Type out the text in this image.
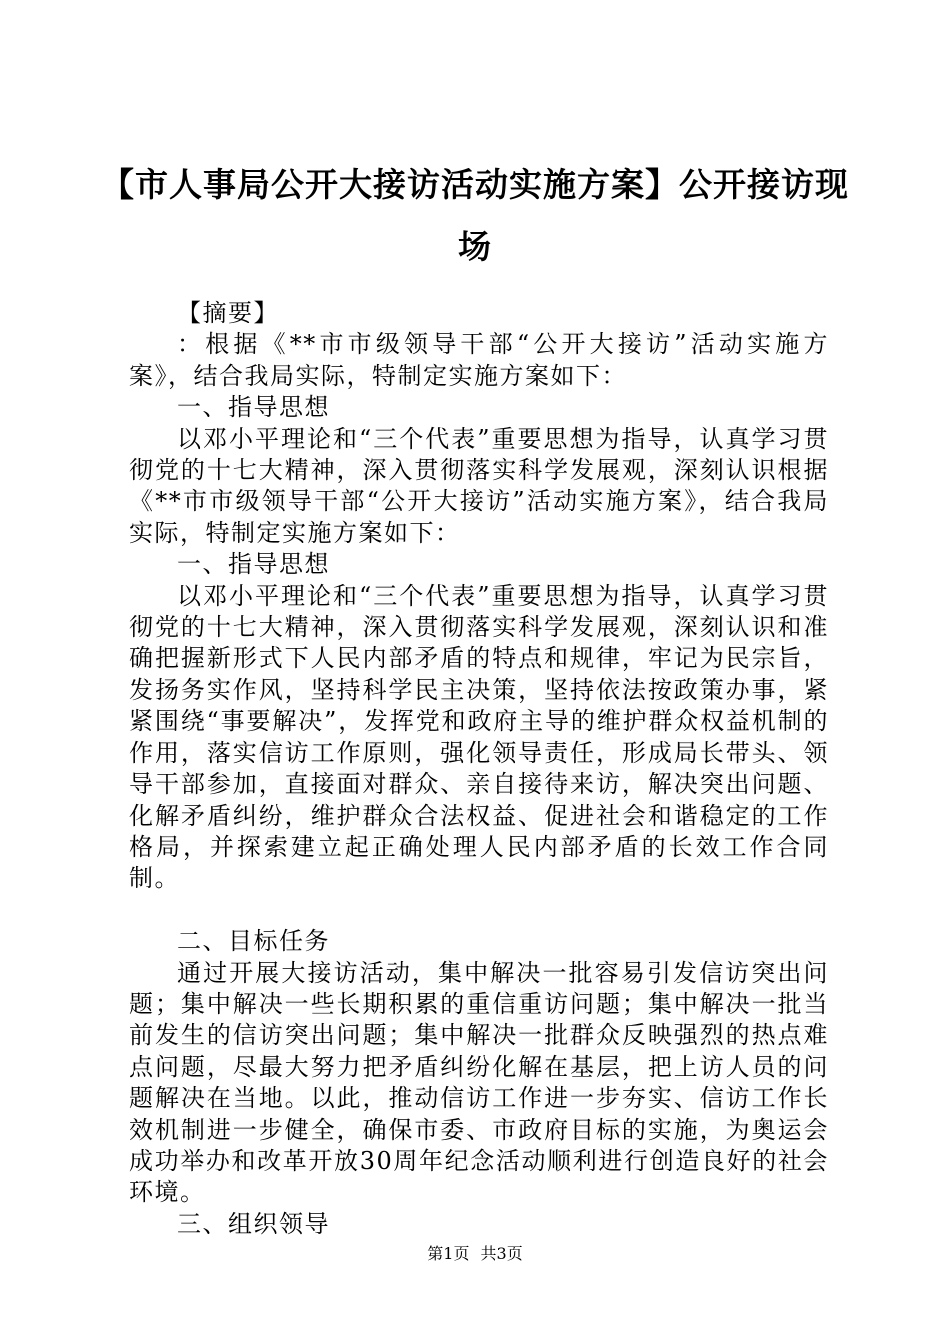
【市人事局公开大接访活动实施方案】公开接访现场

【摘要】

：根据《**市市级领导干部“公开大接访”活动实施方案》，结合我局实际，特制定实施方案如下：

一、指导思想

以邓小平理论和“三个代表”重要思想为指导，认真学习贯彻党的十七大精神，深入贯彻落实科学发展观，深刻认识根据《**市市级领导干部“公开大接访”活动实施方案》，结合我局实际，特制定实施方案如下：

一、指导思想

以邓小平理论和“三个代表”重要思想为指导，认真学习贯彻党的十七大精神，深入贯彻落实科学发展观，深刻认识和准确把握新形式下人民内部矛盾的特点和规律，牢记为民宗旨，发扬务实作风，坚持科学民主决策，坚持依法按政策办事，紧紧围绕“事要解决”，发挥党和政府主导的维护群众权益机制的作用，落实信访工作原则，强化领导责任，形成局长带头、领导干部参加，直接面对群众、亲自接待来访，解决突出问题、化解矛盾纠纷，维护群众合法权益、促进社会和谐稳定的工作格局，并探索建立起正确处理人民内部矛盾的长效工作合同制。

二、目标任务

通过开展大接访活动，集中解决一批容易引发信访突出问题；集中解决一些长期积累的重信重访问题；集中解决一批当前发生的信访突出问题；集中解决一批群众反映强烈的热点难点问题，尽最大努力把矛盾纠纷化解在基层，把上访人员的问题解决在当地。以此，推动信访工作进一步夯实、信访工作长效机制进一步健全，确保市委、市政府目标的实施，为奥运会成功举办和改革开放30周年纪念活动顺利进行创造良好的社会环境。

三、组织领导

第1页 共3页
